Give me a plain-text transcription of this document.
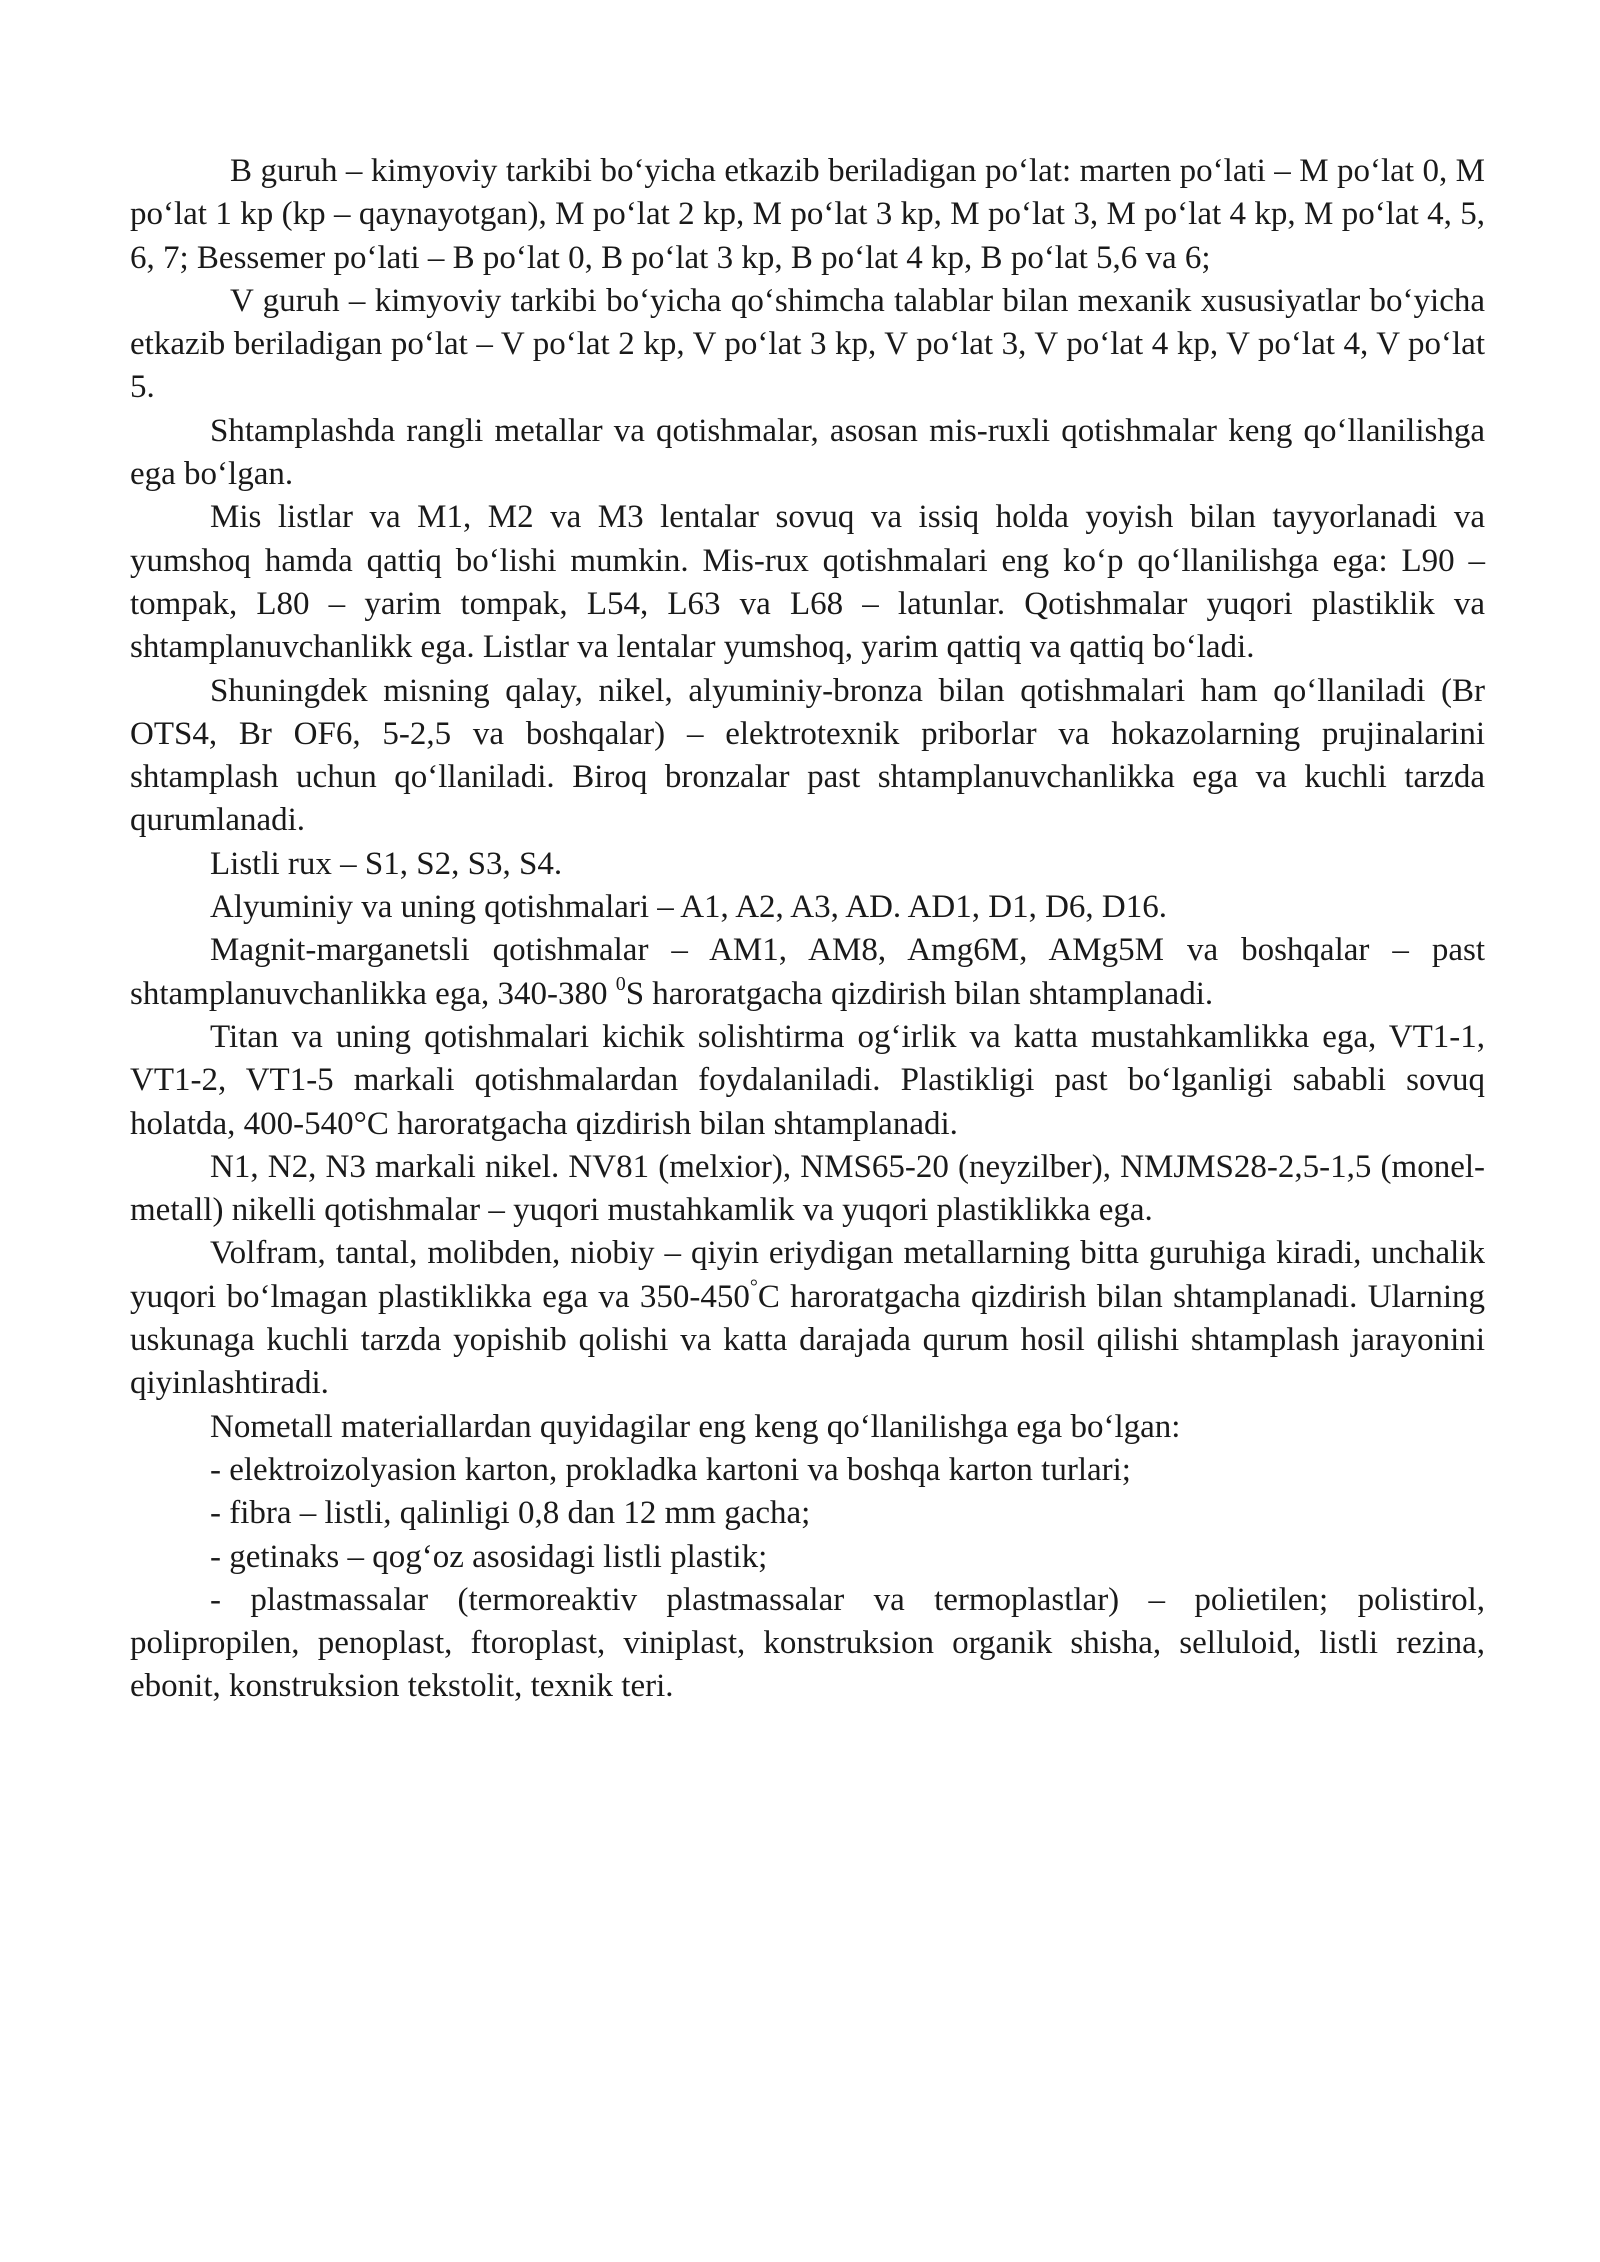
B guruh – kimyoviy tarkibi bo‘yicha etkazib beriladigan po‘lat: marten po‘lati – M po‘lat 0, M po‘lat 1 kp (kp – qaynayotgan), M po‘lat 2 kp, M po‘lat 3 kp, M po‘lat 3, M po‘lat 4 kp, M po‘lat 4, 5, 6, 7; Bessemer po‘lati – B po‘lat 0, B po‘lat 3 kp, B po‘lat 4 kp, B po‘lat 5,6 va 6;

V guruh – kimyoviy tarkibi bo‘yicha qo‘shimcha talablar bilan mexanik xususiyatlar bo‘yicha etkazib beriladigan po‘lat – V po‘lat 2 kp, V po‘lat 3 kp, V po‘lat 3, V po‘lat 4 kp, V po‘lat 4, V po‘lat 5.

Shtamplashda rangli metallar va qotishmalar, asosan mis-ruxli qotishmalar keng qo‘llanilishga ega bo‘lgan.

Mis listlar va M1, M2 va M3 lentalar sovuq va issiq holda yoyish bilan tayyorlanadi va yumshoq hamda qattiq bo‘lishi mumkin. Mis-rux qotishmalari eng ko‘p qo‘llanilishga ega: L90 – tompak, L80 – yarim tompak, L54, L63 va L68 – latunlar. Qotishmalar yuqori plastiklik va shtamplanuvchanlikk ega. Listlar va lentalar yumshoq, yarim qattiq va qattiq bo‘ladi.

Shuningdek misning qalay, nikel, alyuminiy-bronza bilan qotishmalari ham qo‘llaniladi (Br OTS4, Br OF6, 5-2,5 va boshqalar) – elektrotexnik priborlar va hokazolarning prujinalarini shtamplash uchun qo‘llaniladi. Biroq bronzalar past shtamplanuvchanlikka ega va kuchli tarzda qurumlanadi.

Listli rux – S1, S2, S3, S4.

Alyuminiy va uning qotishmalari – A1, A2, A3, AD. AD1, D1, D6, D16.

Magnit-marganetsli qotishmalar – AM1, AM8, Amg6M, AMg5M va boshqalar – past shtamplanuvchanlikka ega, 340-380 $^0$S haroratgacha qizdirish bilan shtamplanadi.

Titan va uning qotishmalari kichik solishtirma og‘irlik va katta mustahkamlikka ega, VT1-1, VT1-2, VT1-5 markali qotishmalardan foydalaniladi. Plastikligi past bo‘lganligi sababli sovuq holatda, 400-540°C haroratgacha qizdirish bilan shtamplanadi.

N1, N2, N3 markali nikel. NV81 (melxior), NMS65-20 (neyzilber), NMJMS28-2,5-1,5 (monel-metall) nikelli qotishmalar – yuqori mustahkamlik va yuqori plastiklikka ega.

Volfram, tantal, molibden, niobiy – qiyin eriydigan metallarning bitta guruhiga kiradi, unchalik yuqori bo‘lmagan plastiklikka ega va 350-450°C haroratgacha qizdirish bilan shtamplanadi. Ularning uskunaga kuchli tarzda yopishib qolishi va katta darajada qurum hosil qilishi shtamplash jarayonini qiyinlashtiradi.

Nometall materiallardan quyidagilar eng keng qo‘llanilishga ega bo‘lgan:

- elektroizolyasion karton, prokladka kartoni va boshqa karton turlari;

- fibra – listli, qalinligi 0,8 dan 12 mm gacha;

- getinaks – qog‘oz asosidagi listli plastik;

- plastmassalar (termoreaktiv plastmassalar va termoplastlar) – polietilen; polistirol, polipropilen, penoplast, ftoroplast, viniplast, konstruksion organik shisha, selluloid, listli rezina, ebonit, konstruksion tekstolit, texnik teri.
